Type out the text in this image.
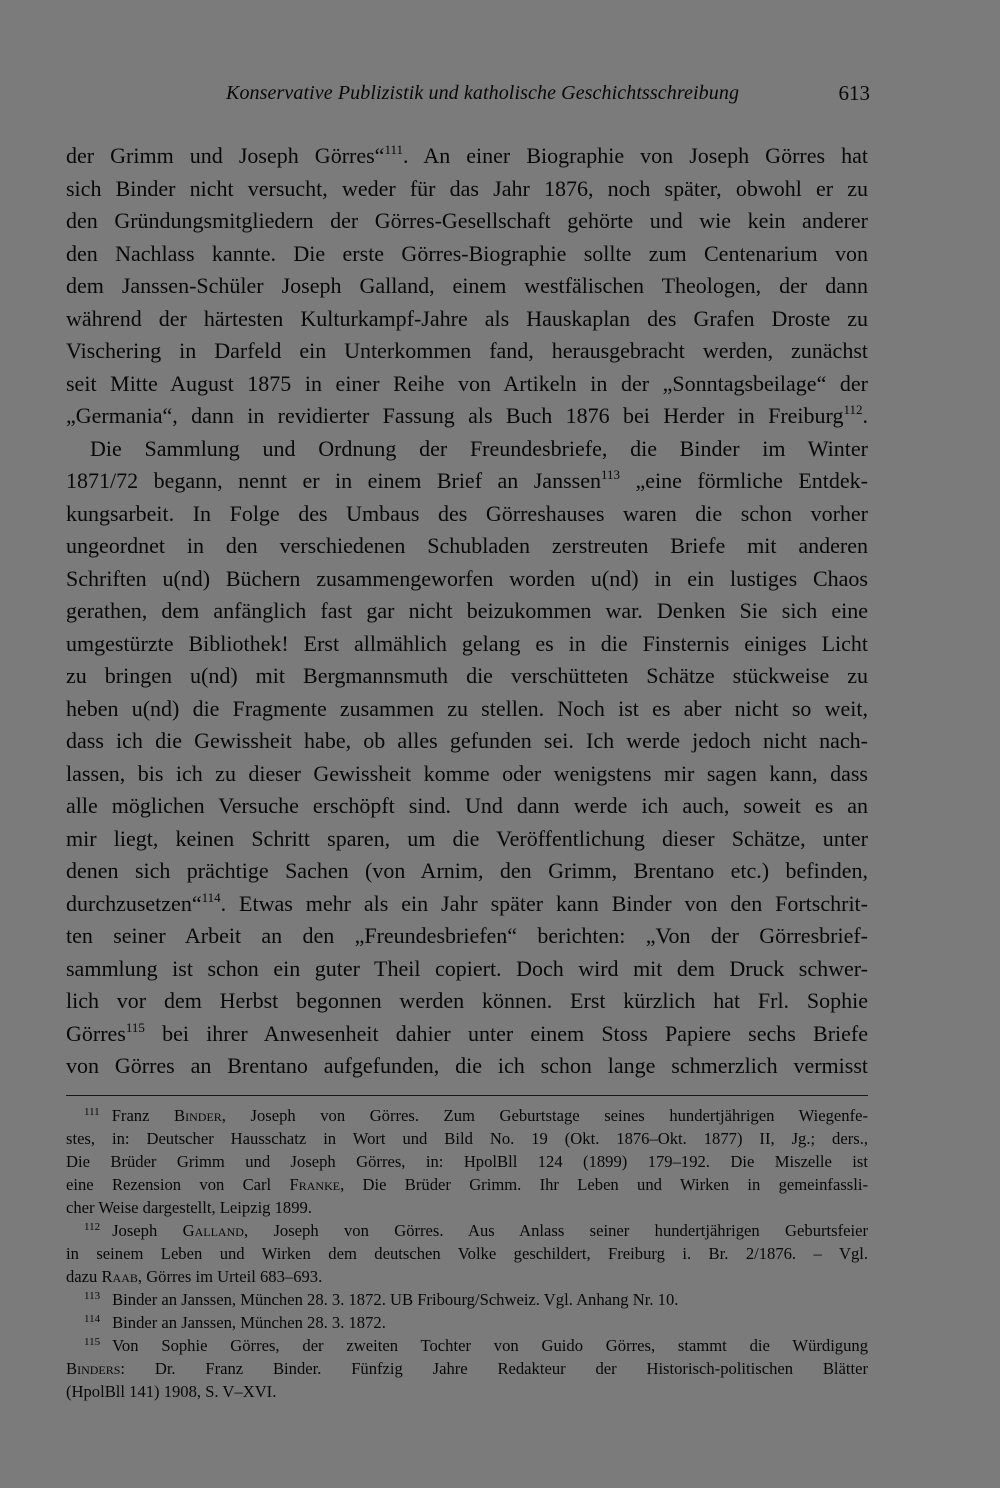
Konservative Publizistik und katholische Geschichtsschreibung	613
der Grimm und Joseph Görres“$^{111}$. An einer Biographie von Joseph Görres hat
sich Binder nicht versucht, weder für das Jahr 1876, noch später, obwohl er zu
den Gründungsmitgliedern der Görres-Gesellschaft gehörte und wie kein anderer
den Nachlass kannte. Die erste Görres-Biographie sollte zum Centenarium von
dem Janssen-Schüler Joseph Galland, einem westfälischen Theologen, der dann
während der härtesten Kulturkampf-Jahre als Hauskaplan des Grafen Droste zu
Vischering in Darfeld ein Unterkommen fand, herausgebracht werden, zunächst
seit Mitte August 1875 in einer Reihe von Artikeln in der „Sonntagsbeilage“ der
„Germania“, dann in revidierter Fassung als Buch 1876 bei Herder in Freiburg$^{112}$.
Die Sammlung und Ordnung der Freundesbriefe, die Binder im Winter
1871/72 begann, nennt er in einem Brief an Janssen$^{113}$ „eine förmliche Entdek-
kungsarbeit. In Folge des Umbaus des Görreshauses waren die schon vorher
ungeordnet in den verschiedenen Schubladen zerstreuten Briefe mit anderen
Schriften u(nd) Büchern zusammengeworfen worden u(nd) in ein lustiges Chaos
gerathen, dem anfänglich fast gar nicht beizukommen war. Denken Sie sich eine
umgestürzte Bibliothek! Erst allmählich gelang es in die Finsternis einiges Licht
zu bringen u(nd) mit Bergmannsmuth die verschütteten Schätze stückweise zu
heben u(nd) die Fragmente zusammen zu stellen. Noch ist es aber nicht so weit,
dass ich die Gewissheit habe, ob alles gefunden sei. Ich werde jedoch nicht nach-
lassen, bis ich zu dieser Gewissheit komme oder wenigstens mir sagen kann, dass
alle möglichen Versuche erschöpft sind. Und dann werde ich auch, soweit es an
mir liegt, keinen Schritt sparen, um die Veröffentlichung dieser Schätze, unter
denen sich prächtige Sachen (von Arnim, den Grimm, Brentano etc.) befinden,
durchzusetzen“$^{114}$. Etwas mehr als ein Jahr später kann Binder von den Fortschrit-
ten seiner Arbeit an den „Freundesbriefen“ berichten: „Von der Görresbrief-
sammlung ist schon ein guter Theil copiert. Doch wird mit dem Druck schwer-
lich vor dem Herbst begonnen werden können. Erst kürzlich hat Frl. Sophie
Görres$^{115}$ bei ihrer Anwesenheit dahier unter einem Stoss Papiere sechs Briefe
von Görres an Brentano aufgefunden, die ich schon lange schmerzlich vermisst
$^{111}$ Franz Binder, Joseph von Görres. Zum Geburtstage seines hundertjährigen Wiegenfe-
stes, in: Deutscher Hausschatz in Wort und Bild No. 19 (Okt. 1876–Okt. 1877) II, Jg.; ders.,
Die Brüder Grimm und Joseph Görres, in: HpolBll 124 (1899) 179–192. Die Miszelle ist
eine Rezension von Carl Franke, Die Brüder Grimm. Ihr Leben und Wirken in gemeinfassli-
cher Weise dargestellt, Leipzig 1899.
$^{112}$ Joseph Galland, Joseph von Görres. Aus Anlass seiner hundertjährigen Geburtsfeier
in seinem Leben und Wirken dem deutschen Volke geschildert, Freiburg i. Br. 2/1876. – Vgl.
dazu Raab, Görres im Urteil 683–693.
$^{113}$ Binder an Janssen, München 28. 3. 1872. UB Fribourg/Schweiz. Vgl. Anhang Nr. 10.
$^{114}$ Binder an Janssen, München 28. 3. 1872.
$^{115}$ Von Sophie Görres, der zweiten Tochter von Guido Görres, stammt die Würdigung
Binders: Dr. Franz Binder. Fünfzig Jahre Redakteur der Historisch-politischen Blätter
(HpolBll 141) 1908, S. V–XVI.
